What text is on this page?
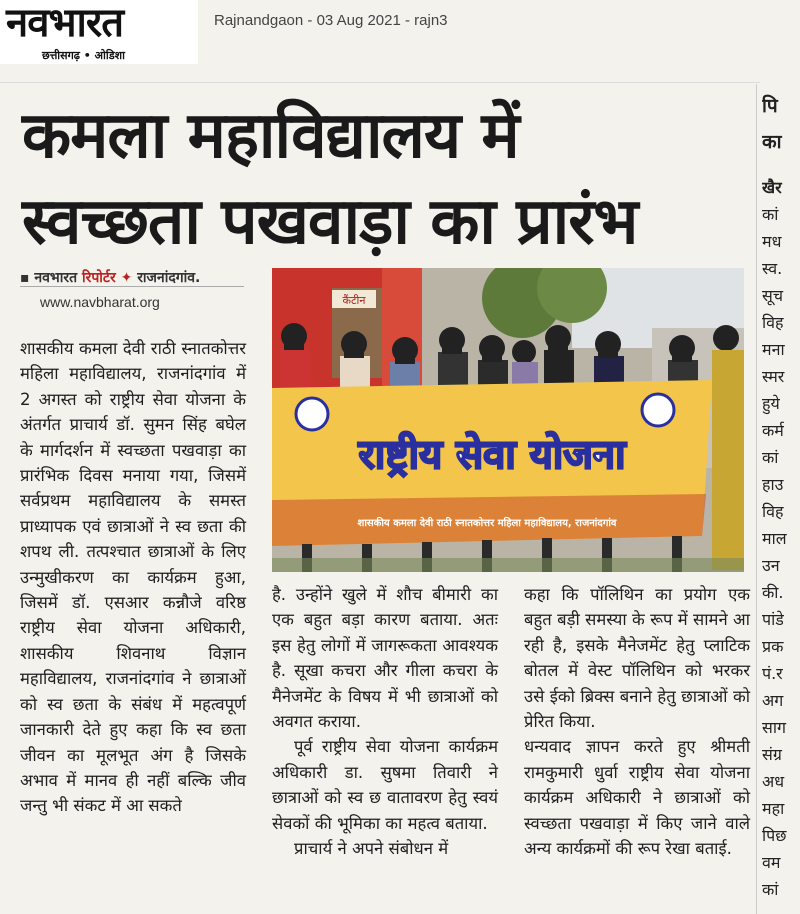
नवभारत
छत्तीसगढ़ • ओडिशा
Rajnandgaon - 03 Aug 2021 - rajn3
कमला महाविद्यालय में
स्वच्छता पखवाड़ा का प्रारंभ
▪ नवभारत रिपोर्टर ✦ राजनांदगांव.
www.navbharat.org	कैंटीन
राष्ट्रीय सेवा योजना
शासकीय कमला देवी राठी स्नातकोत्तर महिला महाविद्यालय, राजनांदगांव

शासकीय कमला देवी राठी स्नातकोत्तर महिला महाविद्यालय, राजनांदगांव में 2 अगस्त को राष्ट्रीय सेवा योजना के अंतर्गत प्राचार्य डॉ. सुमन सिंह बघेल के मार्गदर्शन में स्वच्छता पखवाड़ा का प्रारंभिक दिवस मनाया गया, जिसमें सर्वप्रथम महाविद्यालय के समस्त प्राध्यापक एवं छात्राओं ने स्व छता की शपथ ली. तत्पश्चात छात्राओं के लिए उन्मुखीकरण का कार्यक्रम हुआ, जिसमें डॉ. एसआर कन्नौजे वरिष्ठ राष्ट्रीय सेवा योजना अधिकारी, शासकीय शिवनाथ विज्ञान महाविद्यालय, राजनांदगांव ने छात्राओं को स्व छता के संबंध में महत्वपूर्ण जानकारी देते हुए कहा कि स्व छता जीवन का मूलभूत अंग है जिसके अभाव में मानव ही नहीं बल्कि जीव जन्तु भी संकट में आ सकते

है. उन्होंने खुले में शौच बीमारी का एक बहुत बड़ा कारण बताया. अतः इस हेतु लोगों में जागरूकता आवश्यक है. सूखा कचरा और गीला कचरा के मैनेजमेंट के विषय में भी छात्राओं को अवगत कराया.

पूर्व राष्ट्रीय सेवा योजना कार्यक्रम अधिकारी डा. सुषमा तिवारी ने छात्राओं को स्व छ वातावरण हेतु स्वयं सेवकों की भूमिका का महत्व बताया.

प्राचार्य ने अपने संबोधन में

कहा कि पॉलिथिन का प्रयोग एक बहुत बड़ी समस्या के रूप में सामने आ रही है, इसके मैनेजमेंट हेतु प्लाटिक बोतल में वेस्ट पॉलिथिन को भरकर उसे ईको ब्रिक्स बनाने हेतु छात्राओं को प्रेरित किया.

धन्यवाद ज्ञापन करते हुए श्रीमती रामकुमारी धुर्वा राष्ट्रीय सेवा योजना कार्यक्रम अधिकारी ने छात्राओं को स्वच्छता पखवाड़ा में किए जाने वाले अन्य कार्यक्रमों की रूप रेखा बताई.

पि
का
खैर
कां
मध
स्व.
सूच
विह
मना
स्मर
हुये
कर्म
कां
हाउ
विह
माल
उन
की.
पांडे
प्रक
पं.र
अग
साग
संग्र
अध
महा
पिछ
वम
कां
